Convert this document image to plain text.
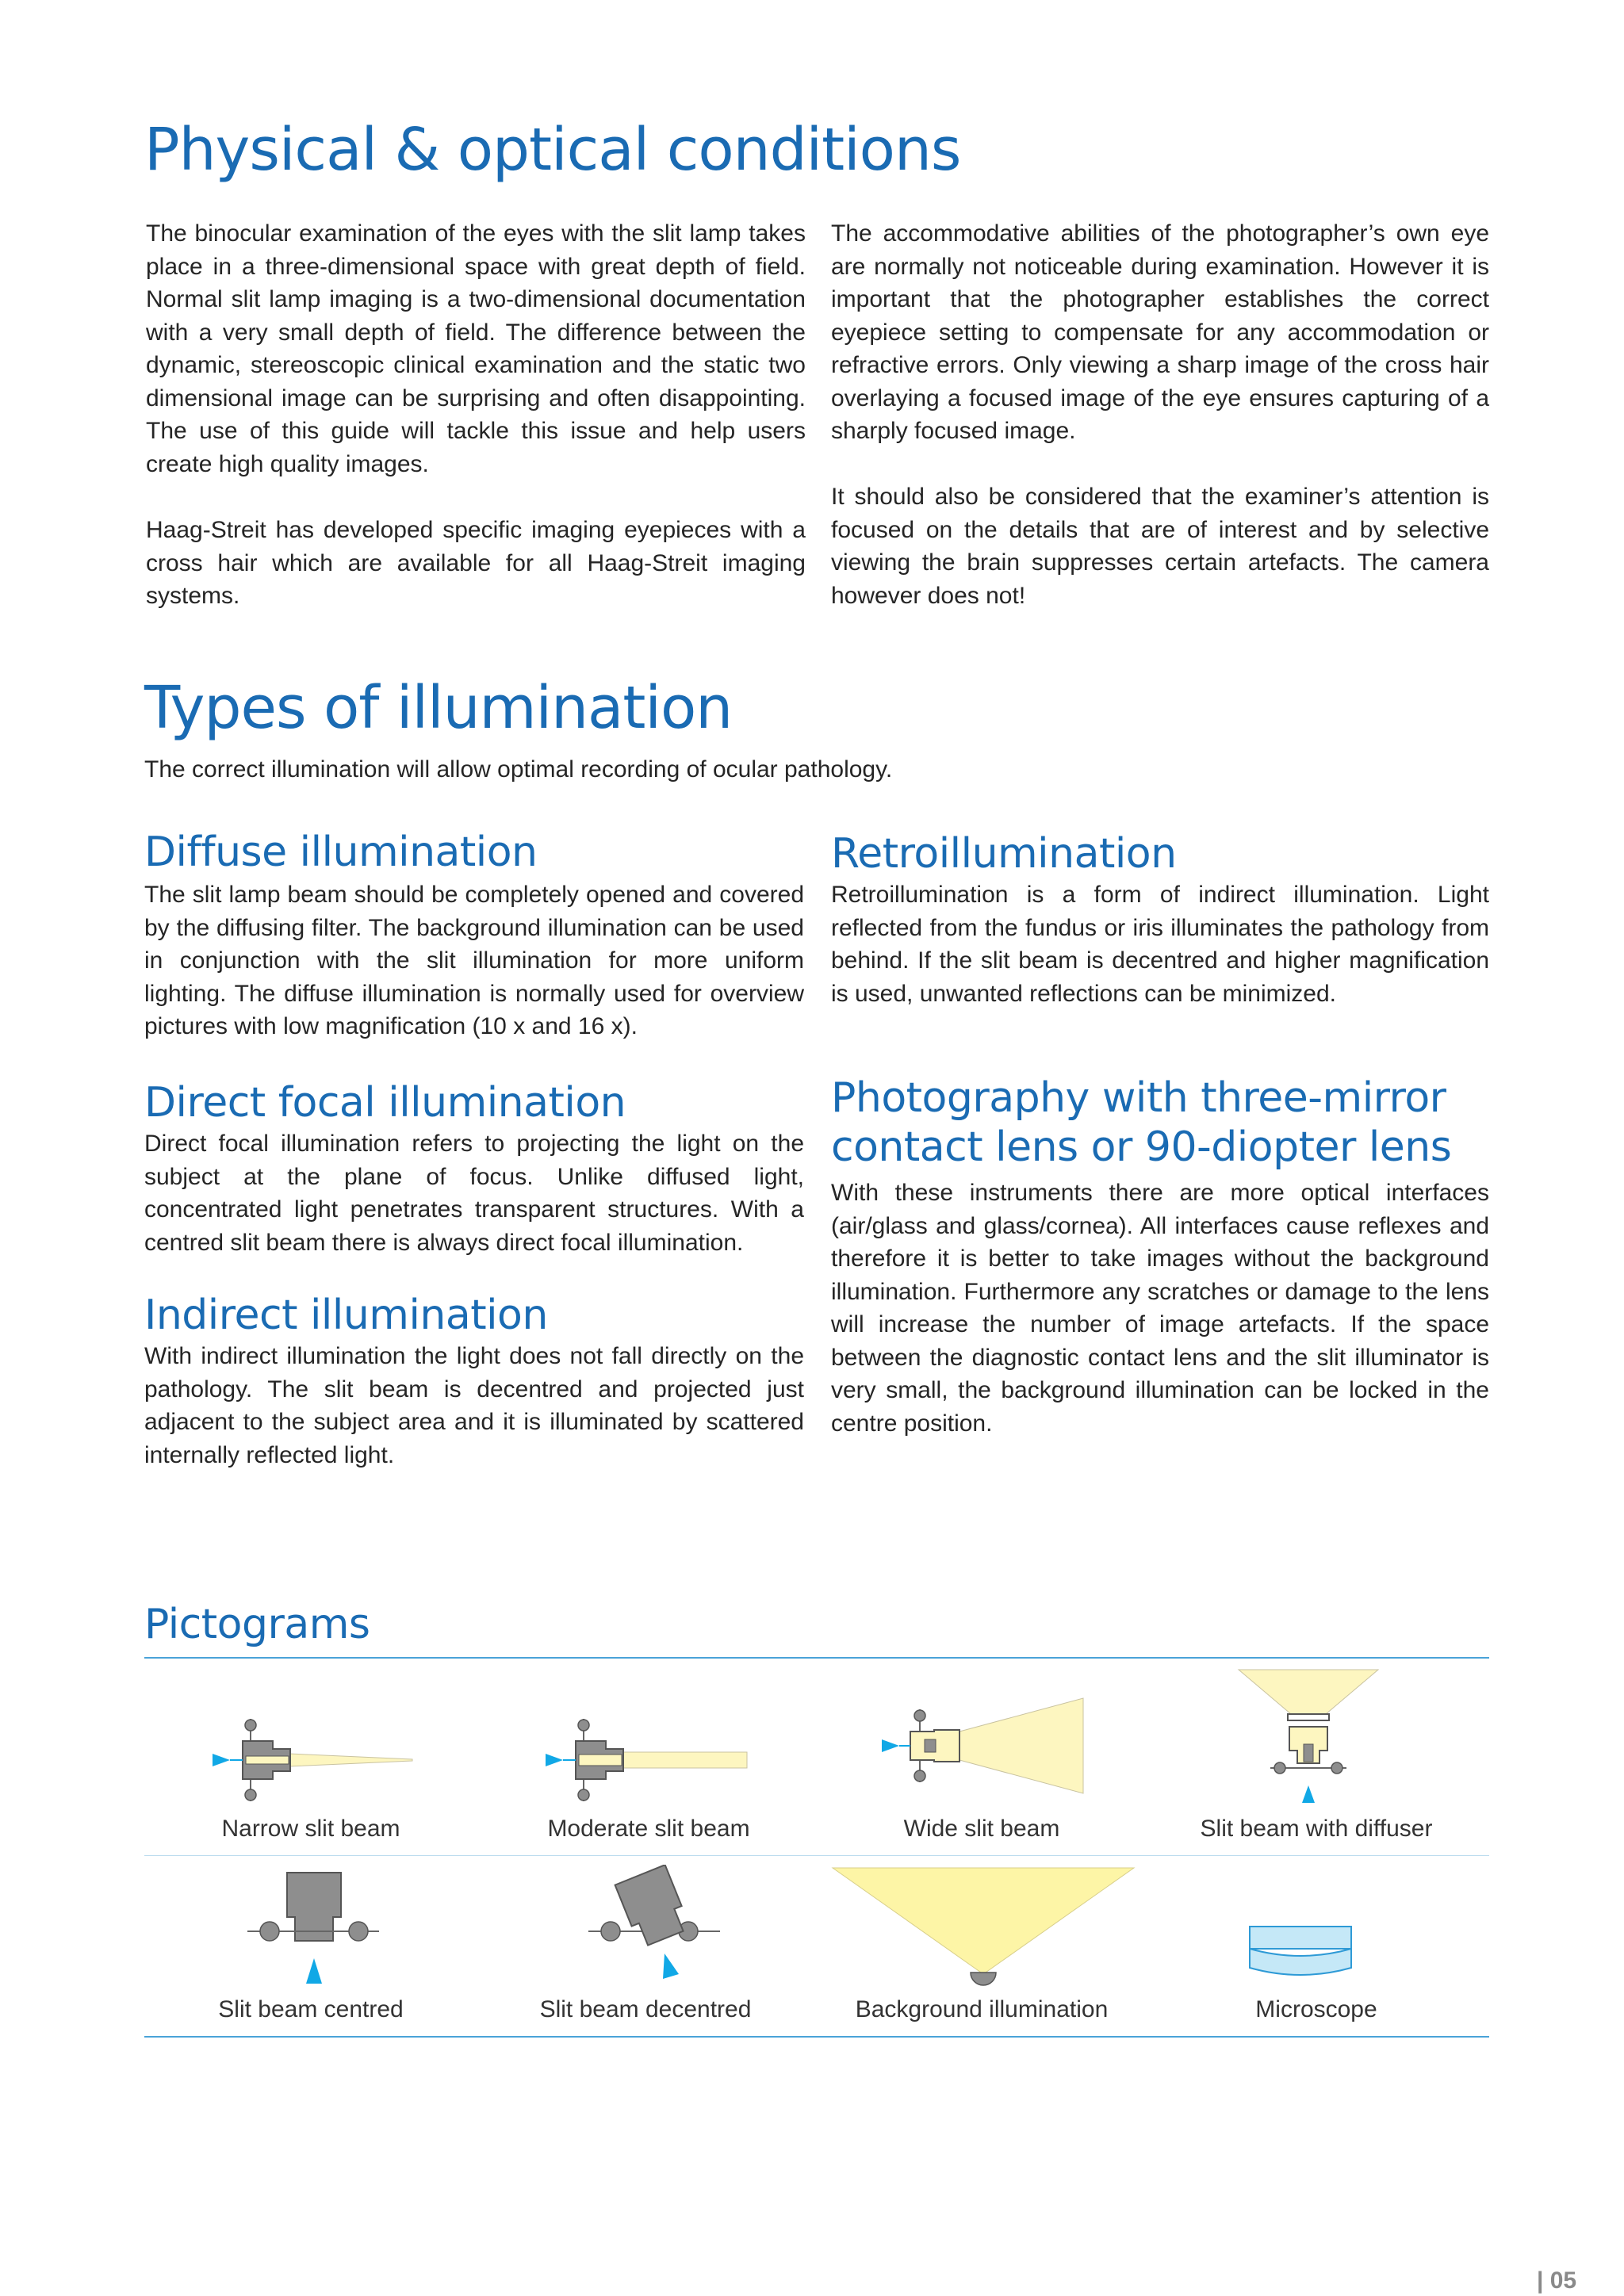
Physical & optical conditions

The binocular examination of the eyes with the slit lamp takes place in a three-dimensional space with great depth of field. Normal slit lamp imaging is a two-dimensional documentation with a very small depth of field. The difference between the dynamic, stereoscopic clinical examination and the static two dimensional image can be surprising and often disappointing. The use of this guide will tackle this issue and help users create high quality images.

Haag-Streit has developed specific imaging eyepieces with a cross hair which are available for all Haag-Streit imaging systems.

The accommodative abilities of the photographer’s own eye are normally not noticeable during examination. However it is important that the photographer establishes the correct eyepiece setting to compensate for any accommodation or refractive errors. Only viewing a sharp image of the cross hair overlaying a focused image of the eye ensures capturing of a sharply focused image.

It should also be considered that the examiner’s attention is focused on the details that are of interest and by selective viewing the brain suppresses certain artefacts. The camera however does not!

Types of illumination

The correct illumination will allow optimal recording of ocular pathology.

Diffuse illumination

The slit lamp beam should be completely opened and covered by the diffusing filter. The background illumination can be used in conjunction with the slit illumination for more uniform lighting. The diffuse illumination is normally used for overview pictures with low magnification (10 x and 16 x).

Direct focal illumination

Direct focal illumination refers to projecting the light on the subject at the plane of focus. Unlike diffused light, concentrated light penetrates transparent structures. With a centred slit beam there is always direct focal illumination.

Indirect illumination

With indirect illumination the light does not fall directly on the pathology. The slit beam is decentred and projected just adjacent to the subject area and it is illuminated by scattered internally reflected light.

Retroillumination

Retroillumination is a form of indirect illumination. Light reflected from the fundus or iris illuminates the pathology from behind. If the slit beam is decentred and higher magnification is used, unwanted reflections can be minimized.

Photography with three-mirror
contact lens or 90-diopter lens

With these instruments there are more optical interfaces (air/glass and glass/cornea). All interfaces cause reflexes and therefore it is better to take images without the background illumination. Furthermore any scratches or damage to the lens will increase the number of image artefacts. If the space between the diagnostic contact lens and the slit illuminator is very small, the background illumination can be locked in the centre position.

Pictograms
Narrow slit beam	Moderate slit beam	Wide slit beam	Slit beam with diffuser
Slit beam centred	Slit beam decentred	Background illumination	Microscope
| 05
